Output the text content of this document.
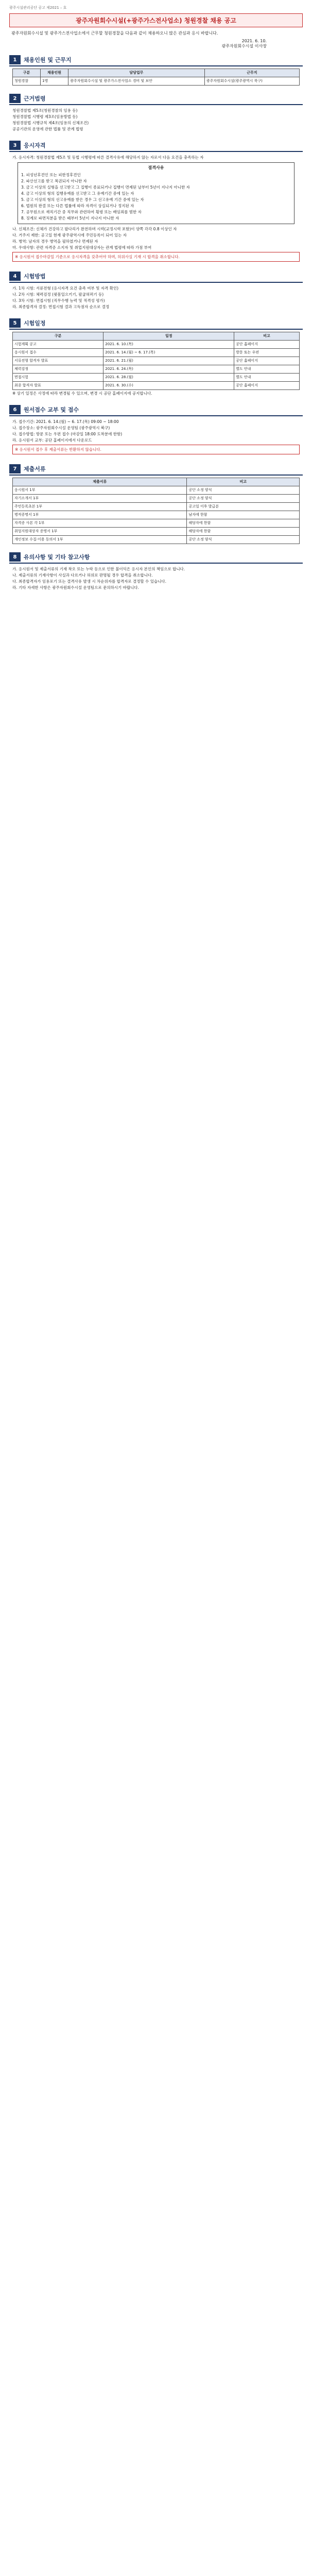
광주시설관리공단 공고 제2021 – 호
광주자원회수시설(+광주가스전사업소) 청원경찰 채용 공고
광주자원회수시설 및 광주가스전사업소에서 근무할 청원경찰을 다음과 같이 채용하오니 많은 관심과 응시 바랍니다.
2021. 6. 10.
광주자원회수시설 이사장
1	채용인원 및 근무지
구분	채용인원	담당업무	근무지
청원경찰	1명	광주자원회수시설 및 광주가스전사업소 경비 및 보안	광주자원회수시설(광주광역시 북구)
2	근거법령
청원경찰법 제5조(청원경찰의 임용 등)
청원경찰법 시행령 제3조(임용방법 등)
청원경찰법 시행규칙 제4조(임용의 신체조건)
공공기관의 운영에 관한 법률 및 관계 법령
3	응시자격
가. 응시자격: 청원경찰법 제5조 및 동법 시행령에 따른 결격사유에 해당하지 않는 자로서 다음 요건을 충족하는 자
결격사유
1. 피성년후견인 또는 피한정후견인
2. 파산선고를 받고 복권되지 아니한 자
3. 금고 이상의 실형을 선고받고 그 집행이 종료되거나 집행이 면제된 날부터 5년이 지나지 아니한 자
4. 금고 이상의 형의 집행유예를 선고받고 그 유예기간 중에 있는 자
5. 금고 이상의 형의 선고유예를 받은 경우 그 선고유예 기간 중에 있는 자
6. 법원의 판결 또는 다른 법률에 따라 자격이 상실되거나 정지된 자
7. 공무원으로 재직기간 중 직무와 관련하여 횡령 또는 배임죄를 범한 자
8. 징계로 파면처분을 받은 때부터 5년이 지나지 아니한 자
나. 신체조건: 신체가 건강하고 팔다리가 완전하며 시력(교정시력 포함)이 양쪽 각각 0.8 이상인 자
다. 거주지 제한: 공고일 현재 광주광역시에 주민등록이 되어 있는 자
라. 병역: 남자의 경우 병역을 필하였거나 면제된 자
마. 우대사항: 관련 자격증 소지자 및 취업지원대상자는 관계 법령에 따라 가점 부여
※ 응시원서 접수마감일 기준으로 응시자격을 갖추어야 하며, 허위사실 기재 시 합격을 취소합니다.
4	시험방법
가. 1차 시험: 서류전형 (응시자격 요건 충족 여부 및 자격 확인)
나. 2차 시험: 체력검정 (윗몸일으키기, 팔굽혀펴기 등)
다. 3차 시험: 면접시험 (직무수행 능력 및 적격성 평가)
라. 최종합격자 결정: 면접시험 결과 고득점자 순으로 결정
5	시험일정
구분	일정	비고
시험계획 공고	2021. 6. 10.(목)	공단 홈페이지
응시원서 접수	2021. 6. 14.(월) ~ 6. 17.(목)	방문 또는 우편
서류전형 합격자 발표	2021. 6. 21.(월)	공단 홈페이지
체력검정	2021. 6. 24.(목)	별도 안내
면접시험	2021. 6. 28.(월)	별도 안내
최종 합격자 발표	2021. 6. 30.(수)	공단 홈페이지
※ 상기 일정은 사정에 따라 변경될 수 있으며, 변경 시 공단 홈페이지에 공지합니다.
6	원서접수 교부 및 접수
가. 접수기간: 2021. 6. 14.(월) ~ 6. 17.(목) 09:00 ~ 18:00
나. 접수장소: 광주자원회수시설 운영팀 (광주광역시 북구)
다. 접수방법: 방문 또는 우편 접수 (마감일 18:00 도착분에 한함)
라. 응시원서 교부: 공단 홈페이지에서 다운로드
※ 응시원서 접수 후 제출서류는 반환하지 않습니다.
7	제출서류
제출서류	비고
응시원서 1부	공단 소정 양식
자기소개서 1부	공단 소정 양식
주민등록초본 1부	공고일 이후 발급분
병적증명서 1부	남자에 한함
자격증 사본 각 1부	해당자에 한함
취업지원대상자 증명서 1부	해당자에 한함
개인정보 수집·이용 동의서 1부	공단 소정 양식
8	유의사항 및 기타 참고사항
가. 응시원서 및 제출서류의 기재 착오 또는 누락 등으로 인한 불이익은 응시자 본인의 책임으로 합니다.
나. 제출서류의 기재사항이 사실과 다르거나 허위로 판명될 경우 합격을 취소합니다.
다. 최종합격자가 임용포기 또는 결격사유 발생 시 차순위자를 합격자로 결정할 수 있습니다.
라. 기타 자세한 사항은 광주자원회수시설 운영팀으로 문의하시기 바랍니다.
